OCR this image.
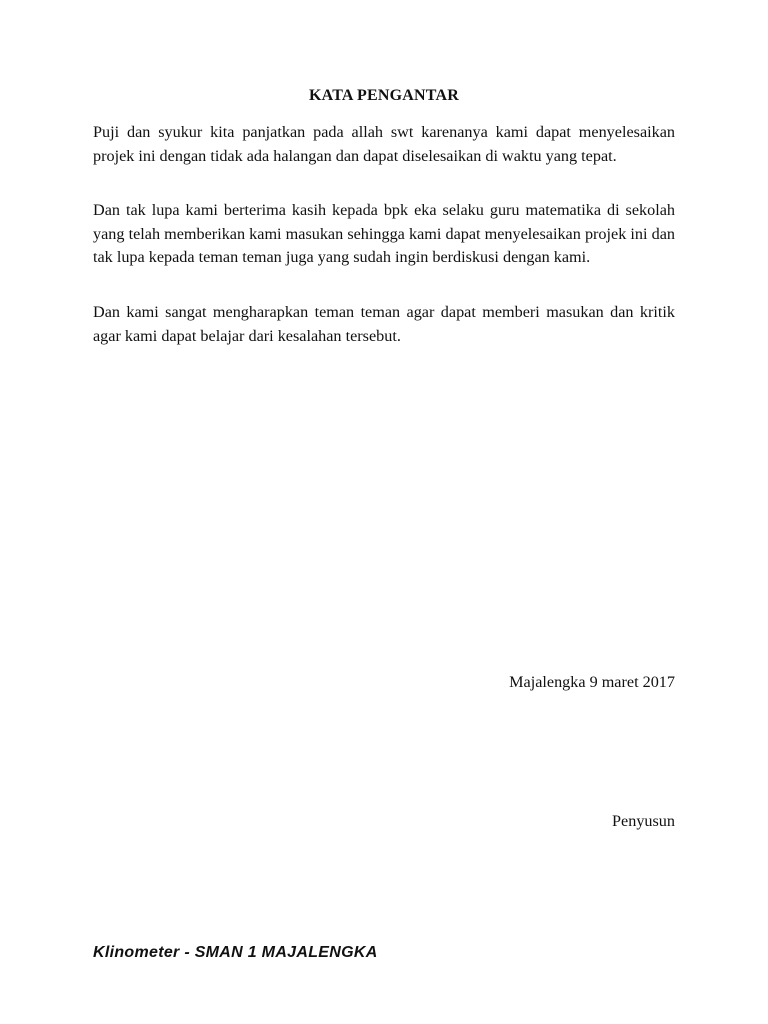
KATA PENGANTAR

Puji dan syukur kita panjatkan pada allah swt karenanya kami dapat menyelesaikan projek ini dengan tidak ada halangan dan dapat diselesaikan di waktu yang tepat.

Dan tak lupa kami berterima kasih kepada bpk eka selaku guru matematika di sekolah yang telah memberikan kami masukan sehingga kami dapat menyelesaikan projek ini dan tak lupa kepada teman teman juga yang sudah ingin berdiskusi dengan kami.

Dan kami sangat mengharapkan teman teman agar dapat memberi masukan dan kritik agar kami dapat belajar dari kesalahan tersebut.

Majalengka 9 maret 2017
Penyusun
Klinometer - SMAN 1 MAJALENGKA
